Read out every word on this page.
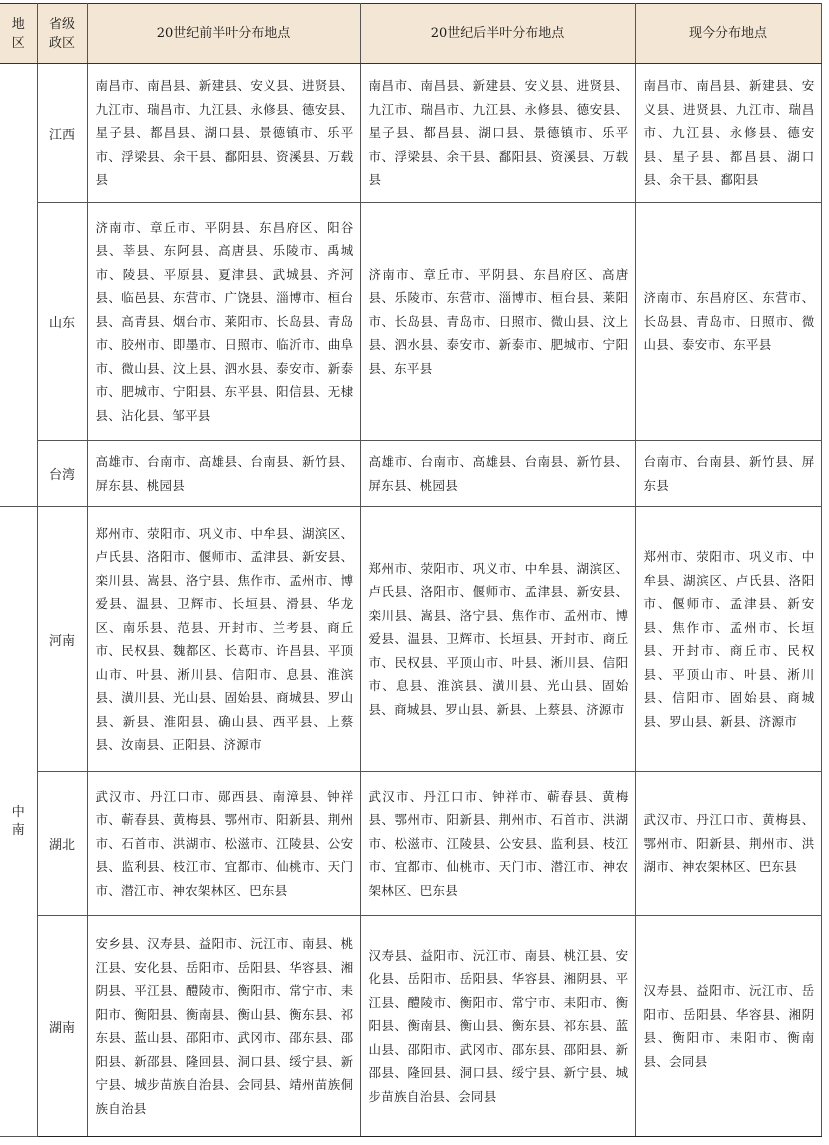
地区	省级政区	20世纪前半叶分布地点	20世纪后半叶分布地点	现今分布地点
	江西	南昌市、南昌县、新建县、安义县、进贤县、九江市、瑞昌市、九江县、永修县、德安县、星子县、都昌县、湖口县、景德镇市、乐平市、浮梁县、余干县、鄱阳县、资溪县、万载县	南昌市、南昌县、新建县、安义县、进贤县、九江市、瑞昌市、九江县、永修县、德安县、星子县、都昌县、湖口县、景德镇市、乐平市、浮梁县、余干县、鄱阳县、资溪县、万载县	南昌市、南昌县、新建县、安义县、进贤县、九江市、瑞昌市、九江县、永修县、德安县、星子县、都昌县、湖口县、余干县、鄱阳县
	山东	济南市、章丘市、平阴县、东昌府区、阳谷县、莘县、东阿县、高唐县、乐陵市、禹城市、陵县、平原县、夏津县、武城县、齐河县、临邑县、东营市、广饶县、淄博市、桓台县、高青县、烟台市、莱阳市、长岛县、青岛市、胶州市、即墨市、日照市、临沂市、曲阜市、微山县、汶上县、泗水县、泰安市、新泰市、肥城市、宁阳县、东平县、阳信县、无棣县、沾化县、邹平县	济南市、章丘市、平阴县、东昌府区、高唐县、乐陵市、东营市、淄博市、桓台县、莱阳市、长岛县、青岛市、日照市、微山县、汶上县、泗水县、泰安市、新泰市、肥城市、宁阳县、东平县	济南市、东昌府区、东营市、长岛县、青岛市、日照市、微山县、泰安市、东平县
	台湾	高雄市、台南市、高雄县、台南县、新竹县、屏东县、桃园县	高雄市、台南市、高雄县、台南县、新竹县、屏东县、桃园县	台南市、台南县、新竹县、屏东县
中南	河南	郑州市、荥阳市、巩义市、中牟县、湖滨区、卢氏县、洛阳市、偃师市、孟津县、新安县、栾川县、嵩县、洛宁县、焦作市、孟州市、博爱县、温县、卫辉市、长垣县、滑县、华龙区、南乐县、范县、开封市、兰考县、商丘市、民权县、魏都区、长葛市、许昌县、平顶山市、叶县、淅川县、信阳市、息县、淮滨县、潢川县、光山县、固始县、商城县、罗山县、新县、淮阳县、确山县、西平县、上蔡县、汝南县、正阳县、济源市	郑州市、荥阳市、巩义市、中牟县、湖滨区、卢氏县、洛阳市、偃师市、孟津县、新安县、栾川县、嵩县、洛宁县、焦作市、孟州市、博爱县、温县、卫辉市、长垣县、开封市、商丘市、民权县、平顶山市、叶县、淅川县、信阳市、息县、淮滨县、潢川县、光山县、固始县、商城县、罗山县、新县、上蔡县、济源市	郑州市、荥阳市、巩义市、中牟县、湖滨区、卢氏县、洛阳市、偃师市、孟津县、新安县、焦作市、孟州市、长垣县、开封市、商丘市、民权县、平顶山市、叶县、淅川县、信阳市、固始县、商城县、罗山县、新县、济源市
	湖北	武汉市、丹江口市、郧西县、南漳县、钟祥市、蕲春县、黄梅县、鄂州市、阳新县、荆州市、石首市、洪湖市、松滋市、江陵县、公安县、监利县、枝江市、宜都市、仙桃市、天门市、潜江市、神农架林区、巴东县	武汉市、丹江口市、钟祥市、蕲春县、黄梅县、鄂州市、阳新县、荆州市、石首市、洪湖市、松滋市、江陵县、公安县、监利县、枝江市、宜都市、仙桃市、天门市、潜江市、神农架林区、巴东县	武汉市、丹江口市、黄梅县、鄂州市、阳新县、荆州市、洪湖市、神农架林区、巴东县
	湖南	安乡县、汉寿县、益阳市、沅江市、南县、桃江县、安化县、岳阳市、岳阳县、华容县、湘阴县、平江县、醴陵市、衡阳市、常宁市、耒阳市、衡阳县、衡南县、衡山县、衡东县、祁东县、蓝山县、邵阳市、武冈市、邵东县、邵阳县、新邵县、隆回县、洞口县、绥宁县、新宁县、城步苗族自治县、会同县、靖州苗族侗族自治县	汉寿县、益阳市、沅江市、南县、桃江县、安化县、岳阳市、岳阳县、华容县、湘阴县、平江县、醴陵市、衡阳市、常宁市、耒阳市、衡阳县、衡南县、衡山县、衡东县、祁东县、蓝山县、邵阳市、武冈市、邵东县、邵阳县、新邵县、隆回县、洞口县、绥宁县、新宁县、城步苗族自治县、会同县	汉寿县、益阳市、沅江市、岳阳市、岳阳县、华容县、湘阴县、衡阳市、耒阳市、衡南县、会同县
